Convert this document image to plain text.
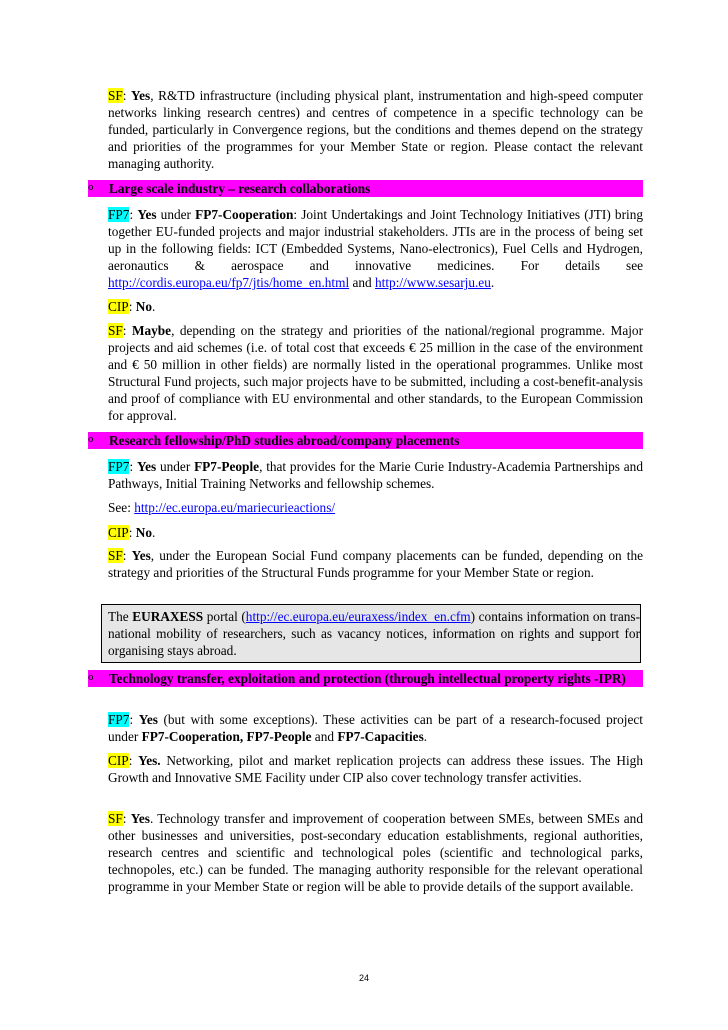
SF: Yes, R&TD infrastructure (including physical plant, instrumentation and high-speed computer networks linking research centres) and centres of competence in a specific technology can be funded, particularly in Convergence regions, but the conditions and themes depend on the strategy and priorities of the programmes for your Member State or region. Please contact the relevant managing authority.
o	Large scale industry – research collaborations
FP7: Yes under FP7-Cooperation: Joint Undertakings and Joint Technology Initiatives (JTI) bring together EU-funded projects and major industrial stakeholders. JTIs are in the process of being set up in the following fields: ICT (Embedded Systems, Nano-electronics), Fuel Cells and Hydrogen, aeronautics & aerospace and innovative medicines. For details see http://cordis.europa.eu/fp7/jtis/home_en.html and http://www.sesarju.eu.
CIP: No.
SF: Maybe, depending on the strategy and priorities of the national/regional programme. Major projects and aid schemes (i.e. of total cost that exceeds € 25 million in the case of the environment and € 50 million in other fields) are normally listed in the operational programmes. Unlike most Structural Fund projects, such major projects have to be submitted, including a cost-benefit-analysis and proof of compliance with EU environmental and other standards, to the European Commission for approval.
o	Research fellowship/PhD studies abroad/company placements
FP7: Yes under FP7-People, that provides for the Marie Curie Industry-Academia Partnerships and Pathways, Initial Training Networks and fellowship schemes.
See: http://ec.europa.eu/mariecurieactions/
CIP: No.
SF: Yes, under the European Social Fund company placements can be funded, depending on the strategy and priorities of the Structural Funds programme for your Member State or region.
The EURAXESS portal (http://ec.europa.eu/euraxess/index_en.cfm) contains information on trans-national mobility of researchers, such as vacancy notices, information on rights and support for organising stays abroad.
o	Technology transfer, exploitation and protection (through intellectual property rights -IPR)
FP7: Yes (but with some exceptions). These activities can be part of a research-focused project under FP7-Cooperation, FP7-People and FP7-Capacities.
CIP: Yes. Networking, pilot and market replication projects can address these issues. The High Growth and Innovative SME Facility under CIP also cover technology transfer activities.
SF: Yes. Technology transfer and improvement of cooperation between SMEs, between SMEs and other businesses and universities, post-secondary education establishments, regional authorities, research centres and scientific and technological poles (scientific and technological parks, technopoles, etc.) can be funded. The managing authority responsible for the relevant operational programme in your Member State or region will be able to provide details of the support available.
24
